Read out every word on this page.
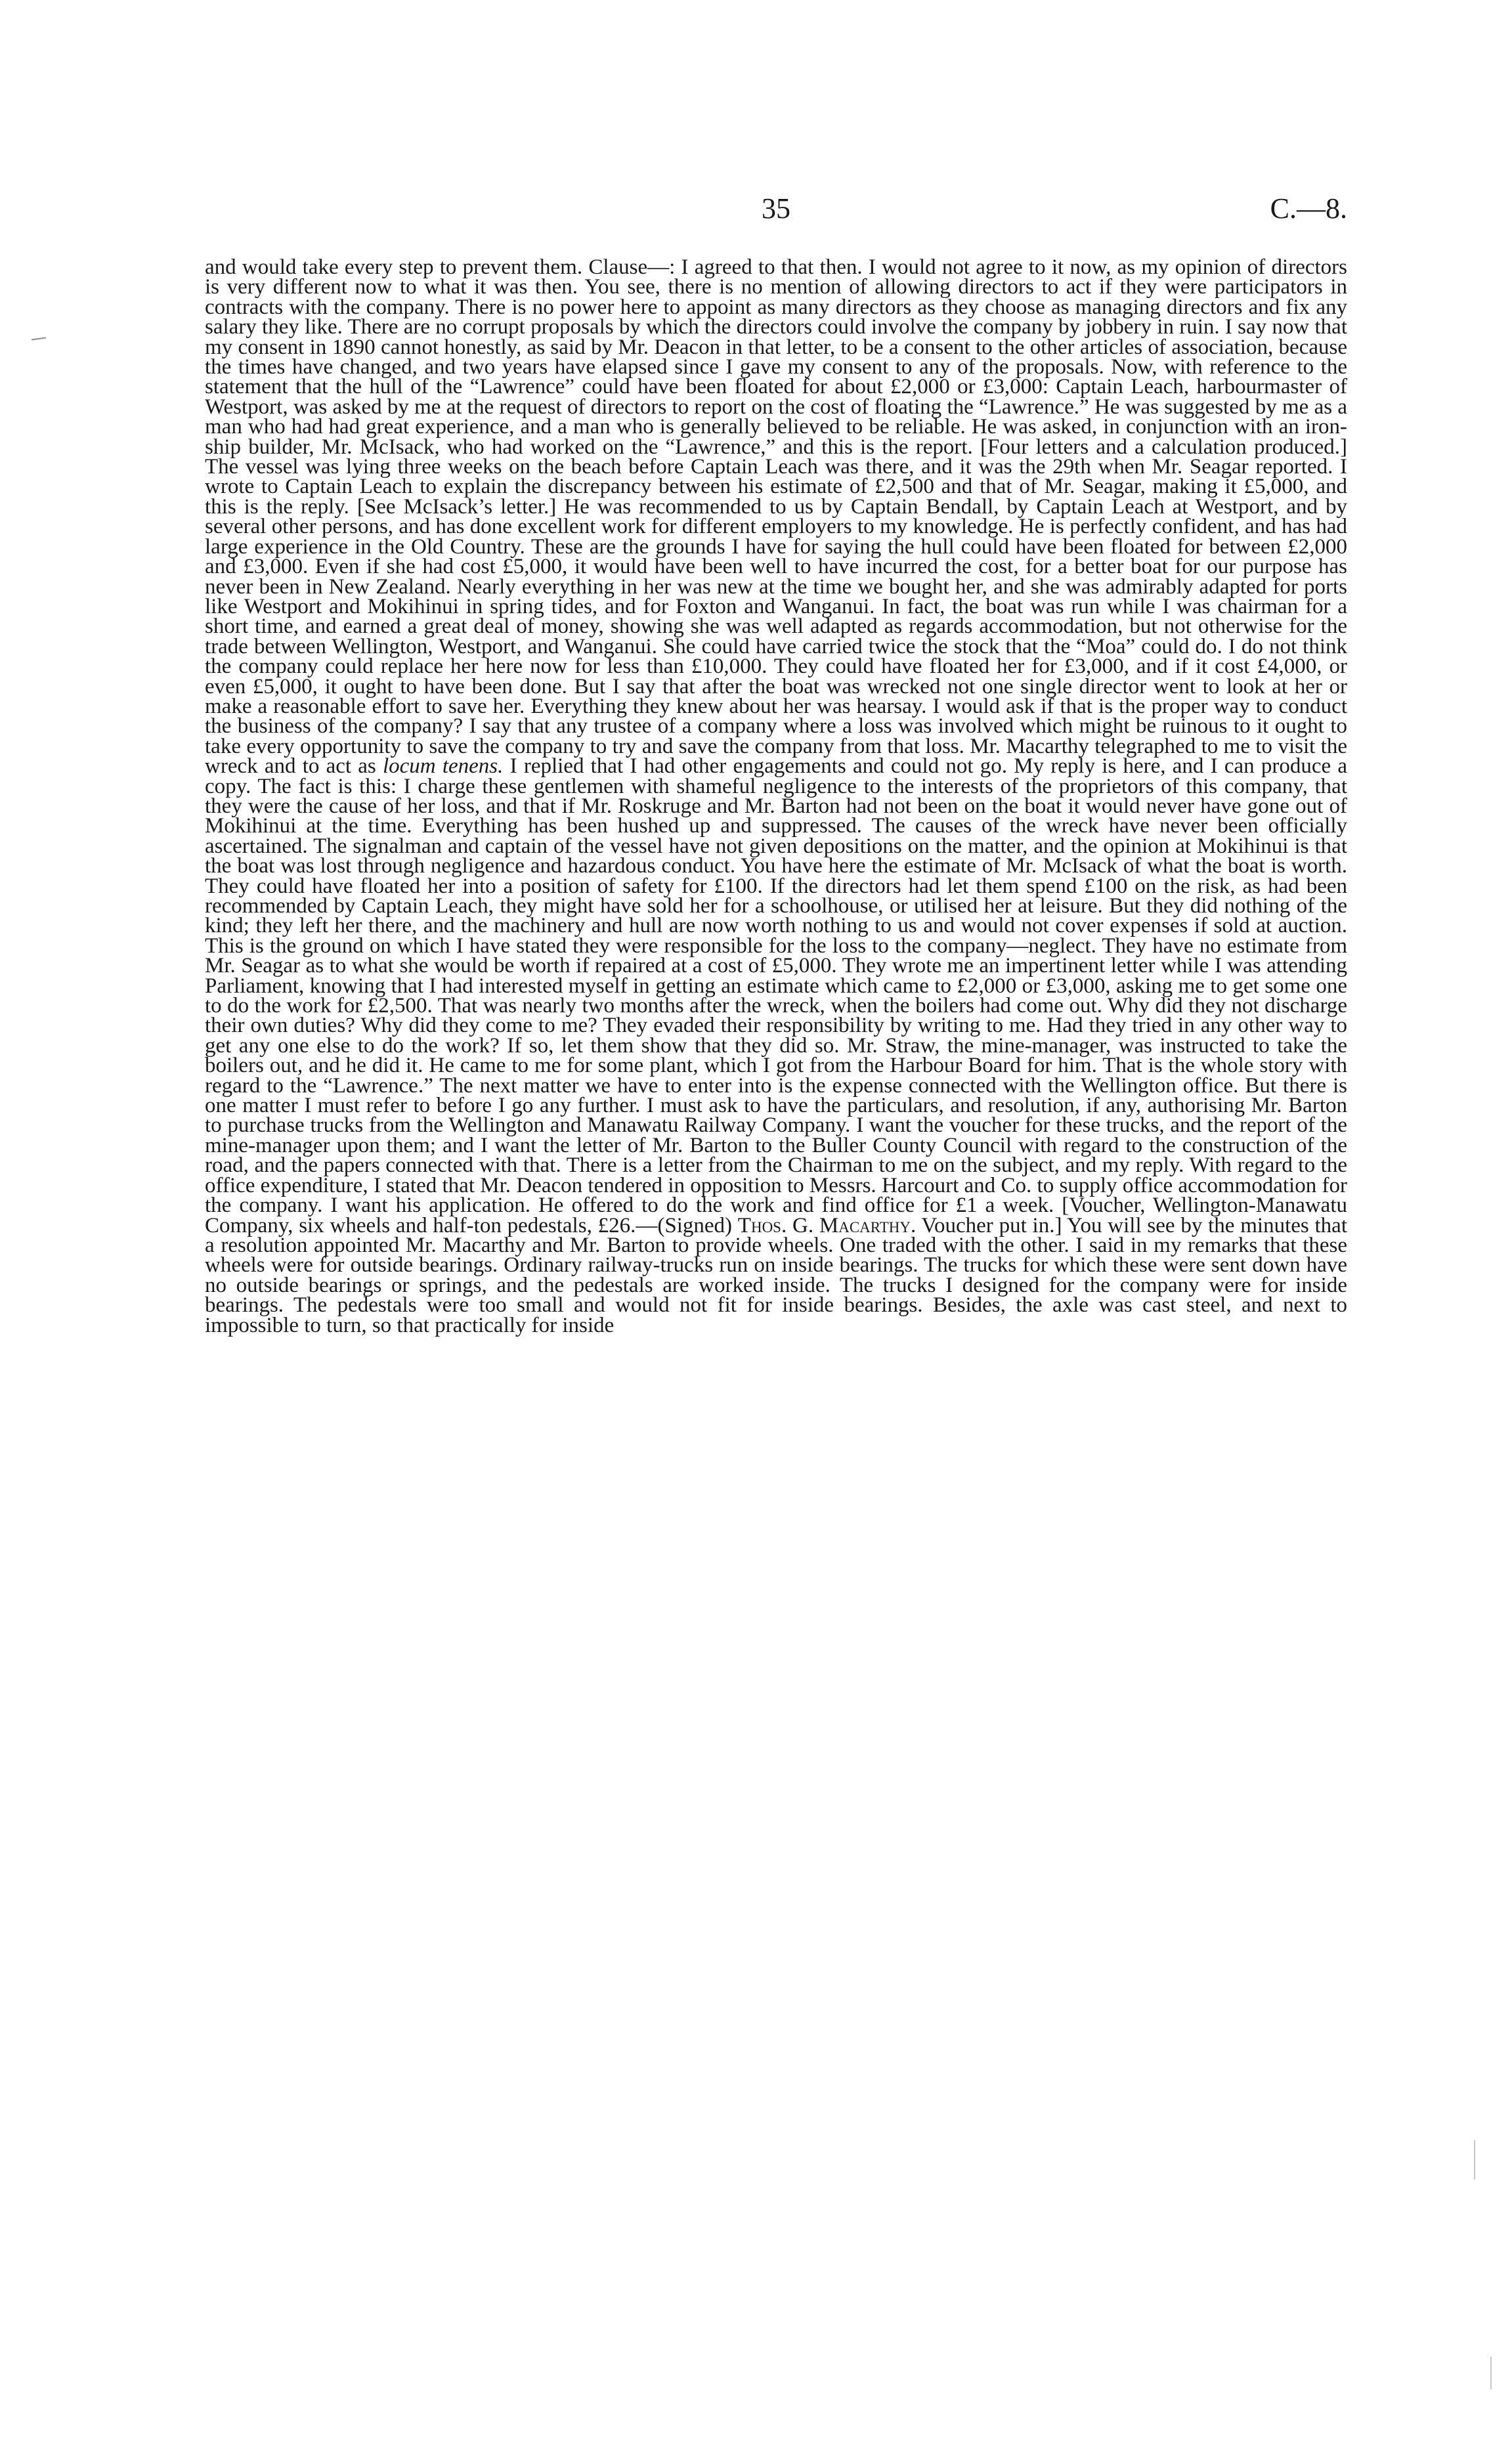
35	C.—8.
and would take every step to prevent them. Clause—: I agreed to that then. I would not agree to it now, as my opinion of directors is very different now to what it was then. You see, there is no mention of allowing directors to act if they were participators in contracts with the company. There is no power here to appoint as many directors as they choose as managing directors and fix any salary they like. There are no corrupt proposals by which the directors could involve the company by jobbery in ruin. I say now that my consent in 1890 cannot honestly, as said by Mr. Deacon in that letter, to be a consent to the other articles of association, because the times have changed, and two years have elapsed since I gave my consent to any of the proposals. Now, with reference to the statement that the hull of the “Lawrence” could have been floated for about £2,000 or £3,000: Captain Leach, harbourmaster of Westport, was asked by me at the request of directors to report on the cost of floating the “Lawrence.” He was suggested by me as a man who had had great experience, and a man who is generally believed to be reliable. He was asked, in conjunction with an iron-ship builder, Mr. McIsack, who had worked on the “Lawrence,” and this is the report. [Four letters and a calculation produced.] The vessel was lying three weeks on the beach before Captain Leach was there, and it was the 29th when Mr. Seagar reported. I wrote to Captain Leach to explain the discrepancy between his estimate of £2,500 and that of Mr. Seagar, making it £5,000, and this is the reply. [See McIsack’s letter.] He was recommended to us by Captain Bendall, by Captain Leach at Westport, and by several other persons, and has done excellent work for different employers to my knowledge. He is perfectly confident, and has had large experience in the Old Country. These are the grounds I have for saying the hull could have been floated for between £2,000 and £3,000. Even if she had cost £5,000, it would have been well to have incurred the cost, for a better boat for our purpose has never been in New Zealand. Nearly everything in her was new at the time we bought her, and she was admirably adapted for ports like Westport and Mokihinui in spring tides, and for Foxton and Wanganui. In fact, the boat was run while I was chairman for a short time, and earned a great deal of money, showing she was well adapted as regards accommodation, but not otherwise for the trade between Wellington, Westport, and Wanganui. She could have carried twice the stock that the “Moa” could do. I do not think the company could replace her here now for less than £10,000. They could have floated her for £3,000, and if it cost £4,000, or even £5,000, it ought to have been done. But I say that after the boat was wrecked not one single director went to look at her or make a reasonable effort to save her. Everything they knew about her was hearsay. I would ask if that is the proper way to conduct the business of the company? I say that any trustee of a company where a loss was involved which might be ruinous to it ought to take every opportunity to save the company to try and save the company from that loss. Mr. Macarthy telegraphed to me to visit the wreck and to act as locum tenens. I replied that I had other engagements and could not go. My reply is here, and I can produce a copy. The fact is this: I charge these gentlemen with shameful negligence to the interests of the proprietors of this company, that they were the cause of her loss, and that if Mr. Roskruge and Mr. Barton had not been on the boat it would never have gone out of Mokihinui at the time. Everything has been hushed up and suppressed. The causes of the wreck have never been officially ascertained. The signalman and captain of the vessel have not given depositions on the matter, and the opinion at Mokihinui is that the boat was lost through negligence and hazardous conduct. You have here the estimate of Mr. McIsack of what the boat is worth. They could have floated her into a position of safety for £100. If the directors had let them spend £100 on the risk, as had been recommended by Captain Leach, they might have sold her for a schoolhouse, or utilised her at leisure. But they did nothing of the kind; they left her there, and the machinery and hull are now worth nothing to us and would not cover expenses if sold at auction. This is the ground on which I have stated they were responsible for the loss to the company—neglect. They have no estimate from Mr. Seagar as to what she would be worth if repaired at a cost of £5,000. They wrote me an impertinent letter while I was attending Parliament, knowing that I had interested myself in getting an estimate which came to £2,000 or £3,000, asking me to get some one to do the work for £2,500. That was nearly two months after the wreck, when the boilers had come out. Why did they not discharge their own duties? Why did they come to me? They evaded their responsibility by writing to me. Had they tried in any other way to get any one else to do the work? If so, let them show that they did so. Mr. Straw, the mine-manager, was instructed to take the boilers out, and he did it. He came to me for some plant, which I got from the Harbour Board for him. That is the whole story with regard to the “Lawrence.” The next matter we have to enter into is the expense connected with the Wellington office. But there is one matter I must refer to before I go any further. I must ask to have the particulars, and resolution, if any, authorising Mr. Barton to purchase trucks from the Wellington and Manawatu Railway Company. I want the voucher for these trucks, and the report of the mine-manager upon them; and I want the letter of Mr. Barton to the Buller County Council with regard to the construction of the road, and the papers connected with that. There is a letter from the Chairman to me on the subject, and my reply. With regard to the office expenditure, I stated that Mr. Deacon tendered in opposition to Messrs. Harcourt and Co. to supply office accommodation for the company. I want his application. He offered to do the work and find office for £1 a week. [Voucher, Wellington-Manawatu Company, six wheels and half-ton pedestals, £26.—(Signed) Thos. G. Macarthy. Voucher put in.] You will see by the minutes that a resolution appointed Mr. Macarthy and Mr. Barton to provide wheels. One traded with the other. I said in my remarks that these wheels were for outside bearings. Ordinary railway-trucks run on inside bearings. The trucks for which these were sent down have no outside bearings or springs, and the pedestals are worked inside. The trucks I designed for the company were for inside bearings. The pedestals were too small and would not fit for inside bearings. Besides, the axle was cast steel, and next to impossible to turn, so that practically for inside
